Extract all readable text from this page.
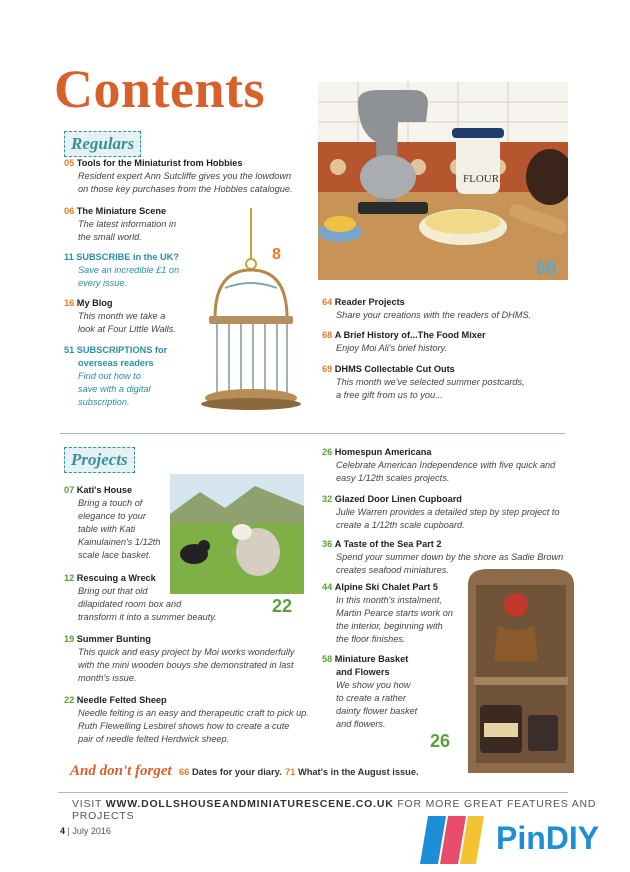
Contents
Regulars
05 Tools for the Miniaturist from Hobbies
Resident expert Ann Sutcliffe gives you the lowdown
on those key purchases from the Hobbies catalogue.
06 The Miniature Scene
The latest information in
the small world.
11 SUBSCRIBE in the UK?
Save an incredible £1 on
every issue.
16 My Blog
This month we take a
look at Four Little Walls.
51 SUBSCRIPTIONS for
overseas readers
Find out how to
save with a digital
subscription.
8
FLOUR
68
64 Reader Projects
Share your creations with the readers of DHMS.
68 A Brief History of...The Food Mixer
Enjoy Moi Ali's brief history.
69 DHMS Collectable Cut Outs
This month we've selected summer postcards,
a free gift from us to you...
Projects
07 Kati's House
Bring a touch of
elegance to your
table with Kati
Kainulainen's 1/12th
scale lace basket.
12 Rescuing a Wreck
Bring out that old
dilapidated room box and
transform it into a summer beauty.
19 Summer Bunting
This quick and easy project by Moi works wonderfully
with the mini wooden bouys she demonstrated in last
month's issue.
22 Needle Felted Sheep
Needle felting is an easy and therapeutic craft to pick up.
Ruth Flewelling Lesbirel shows how to create a cute
pair of needle felted Herdwick sheep.
22
26 Homespun Americana
Celebrate American Independence with five quick and
easy 1/12th scales projects.
32 Glazed Door Linen Cupboard
Julie Warren provides a detailed step by step project to
create a 1/12th scale cupboard.
36 A Taste of the Sea Part 2
Spend your summer down by the shore as Sadie Brown
creates seafood miniatures.
44 Alpine Ski Chalet Part 5
In this month's instalment,
Martin Pearce starts work on
the interior, beginning with
the floor finishes.
58 Miniature Basket
and Flowers
We show you how
to create a rather
dainty flower basket
and flowers.
26
And don't forget 66 Dates for your diary. 71 What's in the August issue.
VISIT WWW.DOLLSHOUSEANDMINIATURESCENE.CO.UK FOR MORE GREAT FEATURES AND PROJECTS
4 | July 2016	PinDIY
